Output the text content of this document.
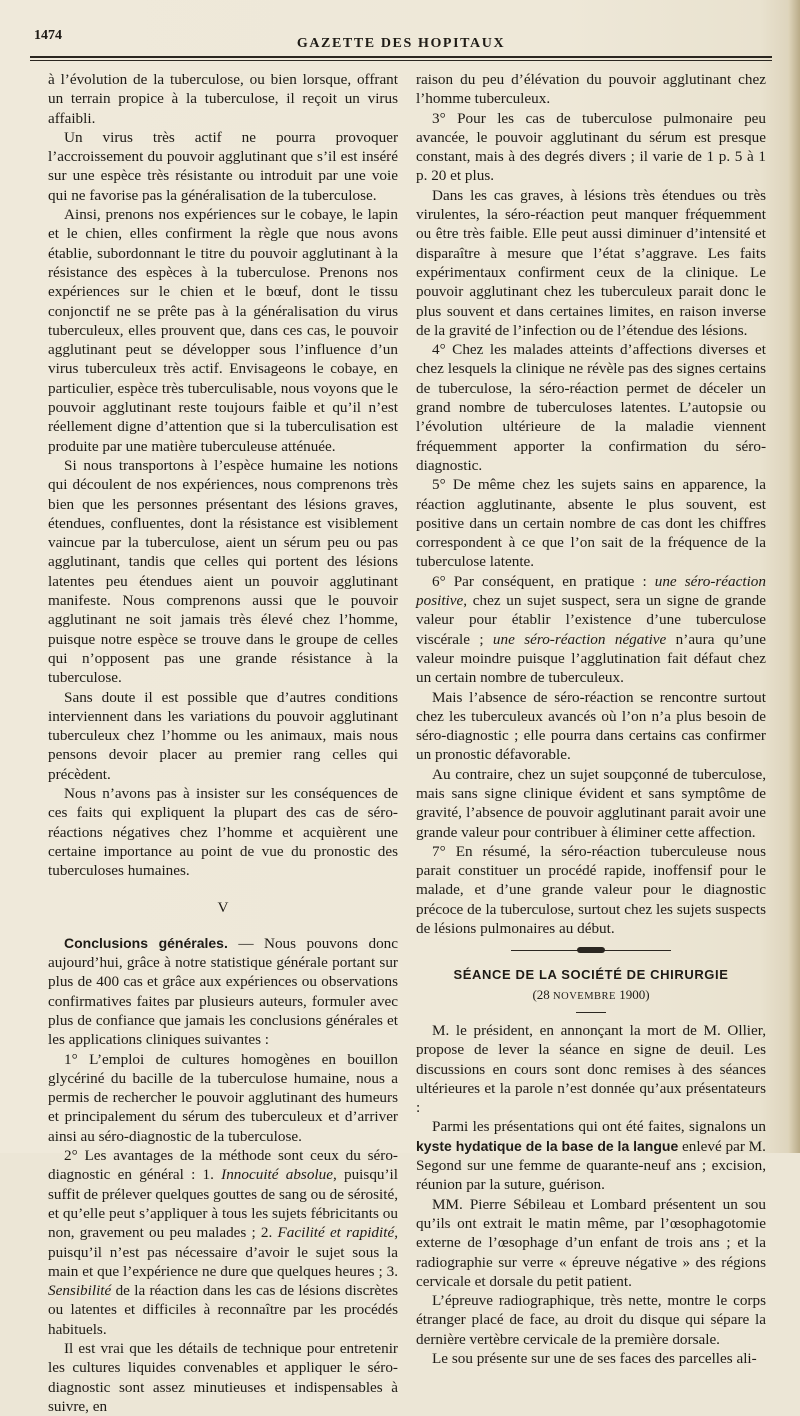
1474
GAZETTE DES HOPITAUX

à l’évolution de la tuberculose, ou bien lorsque, offrant un terrain propice à la tuberculose, il reçoit un virus affaibli.

Un virus très actif ne pourra provoquer l’accroissement du pouvoir agglutinant que s’il est inséré sur une espèce très résistante ou introduit par une voie qui ne favorise pas la généralisation de la tuberculose.

Ainsi, prenons nos expériences sur le cobaye, le lapin et le chien, elles confirment la règle que nous avons établie, subordonnant le titre du pouvoir agglutinant à la résistance des espèces à la tuberculose. Prenons nos expériences sur le chien et le bœuf, dont le tissu conjonctif ne se prête pas à la généralisation du virus tuberculeux, elles prouvent que, dans ces cas, le pouvoir agglutinant peut se développer sous l’influence d’un virus tuberculeux très actif. Envisageons le cobaye, en particulier, espèce très tuberculisable, nous voyons que le pouvoir agglutinant reste toujours faible et qu’il n’est réellement digne d’attention que si la tuberculisation est produite par une matière tuberculeuse atténuée.

Si nous transportons à l’espèce humaine les notions qui découlent de nos expériences, nous comprenons très bien que les personnes présentant des lésions graves, étendues, confluentes, dont la résistance est visiblement vaincue par la tuberculose, aient un sérum peu ou pas agglutinant, tandis que celles qui portent des lésions latentes peu étendues aient un pouvoir agglutinant manifeste. Nous comprenons aussi que le pouvoir agglutinant ne soit jamais très élevé chez l’homme, puisque notre espèce se trouve dans le groupe de celles qui n’opposent pas une grande résistance à la tuberculose.

Sans doute il est possible que d’autres conditions interviennent dans les variations du pouvoir agglutinant tuberculeux chez l’homme ou les animaux, mais nous pensons devoir placer au premier rang celles qui précèdent.

Nous n’avons pas à insister sur les conséquences de ces faits qui expliquent la plupart des cas de séro-réactions négatives chez l’homme et acquièrent une certaine importance au point de vue du pronostic des tuberculoses humaines.

V

Conclusions générales. — Nous pouvons donc aujourd’hui, grâce à notre statistique générale portant sur plus de 400 cas et grâce aux expériences ou observations confirmatives faites par plusieurs auteurs, formuler avec plus de confiance que jamais les conclusions générales et les applications cliniques suivantes :

1° L’emploi de cultures homogènes en bouillon glycériné du bacille de la tuberculose humaine, nous a permis de rechercher le pouvoir agglutinant des humeurs et principalement du sérum des tuberculeux et d’arriver ainsi au séro-diagnostic de la tuberculose.

2° Les avantages de la méthode sont ceux du séro-diagnostic en général : 1. Innocuité absolue, puisqu’il suffit de prélever quelques gouttes de sang ou de sérosité, et qu’elle peut s’appliquer à tous les sujets fébricitants ou non, gravement ou peu malades ; 2. Facilité et rapidité, puisqu’il n’est pas nécessaire d’avoir le sujet sous la main et que l’expérience ne dure que quelques heures ; 3. Sensibilité de la réaction dans les cas de lésions discrètes ou latentes et difficiles à reconnaître par les procédés habituels.

Il est vrai que les détails de technique pour entretenir les cultures liquides convenables et appliquer le séro-diagnostic sont assez minutieuses et indispensables à suivre, en

raison du peu d’élévation du pouvoir agglutinant chez l’homme tuberculeux.

3° Pour les cas de tuberculose pulmonaire peu avancée, le pouvoir agglutinant du sérum est presque constant, mais à des degrés divers ; il varie de 1 p. 5 à 1 p. 20 et plus.

Dans les cas graves, à lésions très étendues ou très virulentes, la séro-réaction peut manquer fréquemment ou être très faible. Elle peut aussi diminuer d’intensité et disparaître à mesure que l’état s’aggrave. Les faits expérimentaux confirment ceux de la clinique. Le pouvoir agglutinant chez les tuberculeux parait donc le plus souvent et dans certaines limites, en raison inverse de la gravité de l’infection ou de l’étendue des lésions.

4° Chez les malades atteints d’affections diverses et chez lesquels la clinique ne révèle pas des signes certains de tuberculose, la séro-réaction permet de déceler un grand nombre de tuberculoses latentes. L’autopsie ou l’évolution ultérieure de la maladie viennent fréquemment apporter la confirmation du séro-diagnostic.

5° De même chez les sujets sains en apparence, la réaction agglutinante, absente le plus souvent, est positive dans un certain nombre de cas dont les chiffres correspondent à ce que l’on sait de la fréquence de la tuberculose latente.

6° Par conséquent, en pratique : une séro-réaction positive, chez un sujet suspect, sera un signe de grande valeur pour établir l’existence d’une tuberculose viscérale ; une séro-réaction négative n’aura qu’une valeur moindre puisque l’agglutination fait défaut chez un certain nombre de tuberculeux.

Mais l’absence de séro-réaction se rencontre surtout chez les tuberculeux avancés où l’on n’a plus besoin de séro-diagnostic ; elle pourra dans certains cas confirmer un pronostic défavorable.

Au contraire, chez un sujet soupçonné de tuberculose, mais sans signe clinique évident et sans symptôme de gravité, l’absence de pouvoir agglutinant parait avoir une grande valeur pour contribuer à éliminer cette affection.

7° En résumé, la séro-réaction tuberculeuse nous parait constituer un procédé rapide, inoffensif pour le malade, et d’une grande valeur pour le diagnostic précoce de la tuberculose, surtout chez les sujets suspects de lésions pulmonaires au début.

SÉANCE DE LA SOCIÉTÉ DE CHIRURGIE

(28 NOVEMBRE 1900)

M. le président, en annonçant la mort de M. Ollier, propose de lever la séance en signe de deuil. Les discussions en cours sont donc remises à des séances ultérieures et la parole n’est donnée qu’aux présentateurs :

Parmi les présentations qui ont été faites, signalons un kyste hydatique de la base de la langue enlevé par M. Segond sur une femme de quarante-neuf ans ; excision, réunion par la suture, guérison.

MM. Pierre Sébileau et Lombard présentent un sou qu’ils ont extrait le matin même, par l’œsophagotomie externe de l’œsophage d’un enfant de trois ans ; et la radiographie sur verre « épreuve négative » des régions cervicale et dorsale du petit patient.

L’épreuve radiographique, très nette, montre le corps étranger placé de face, au droit du disque qui sépare la dernière vertèbre cervicale de la première dorsale.

Le sou présente sur une de ses faces des parcelles ali-
